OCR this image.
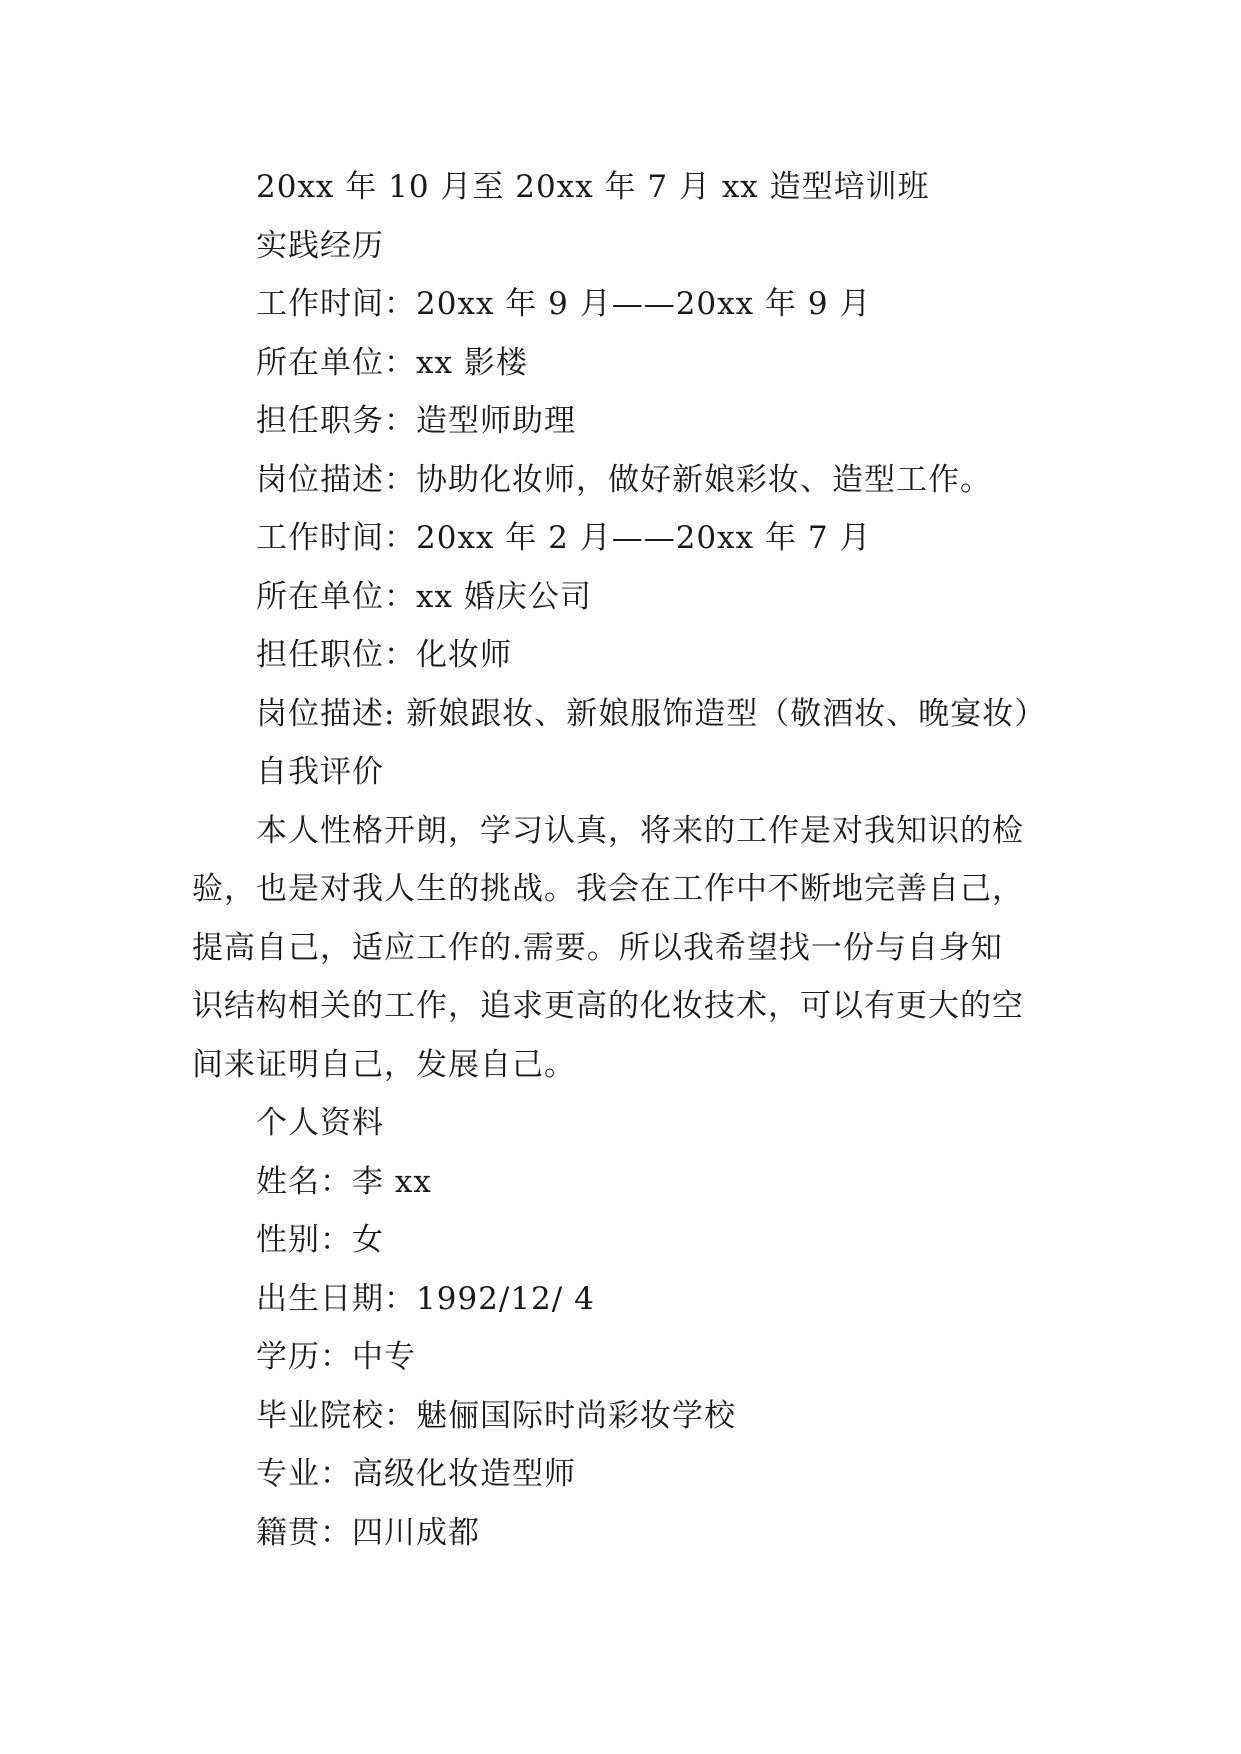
20xx 年 10 月至 20xx 年 7 月 xx 造型培训班
实践经历
工作时间：20xx 年 9 月——20xx 年 9 月
所在单位：xx 影楼
担任职务：造型师助理
岗位描述：协助化妆师，做好新娘彩妆、造型工作。
工作时间：20xx 年 2 月——20xx 年 7 月
所在单位：xx 婚庆公司
担任职位：化妆师
岗位描述: 新娘跟妆、新娘服饰造型（敬酒妆、晚宴妆）
自我评价
本人性格开朗，学习认真，将来的工作是对我知识的检
验，也是对我人生的挑战。我会在工作中不断地完善自己，
提高自己，适应工作的.需要。所以我希望找一份与自身知
识结构相关的工作，追求更高的化妆技术，可以有更大的空
间来证明自己，发展自己。
个人资料
姓名：李 xx
性别：女
出生日期：1992/12/ 4
学历：中专
毕业院校：魅俪国际时尚彩妆学校
专业：高级化妆造型师
籍贯：四川成都
